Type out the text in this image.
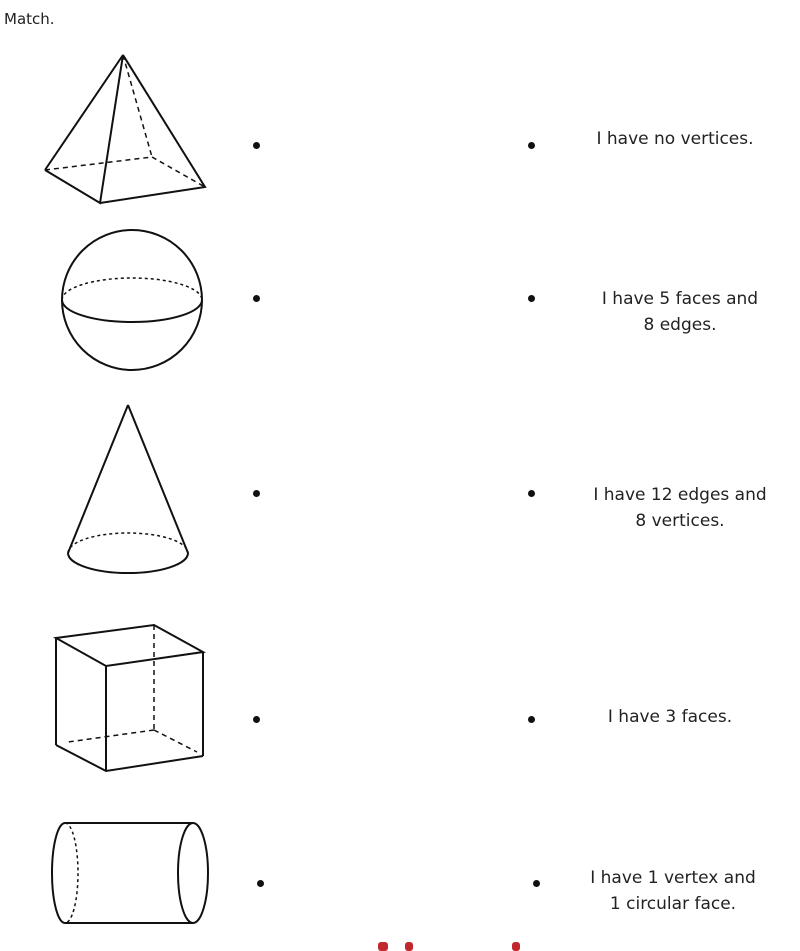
Match.
I have no vertices.
I have 5 faces and
8 edges.
I have 12 edges and
8 vertices.
I have 3 faces.
I have 1 vertex and
1 circular face.
